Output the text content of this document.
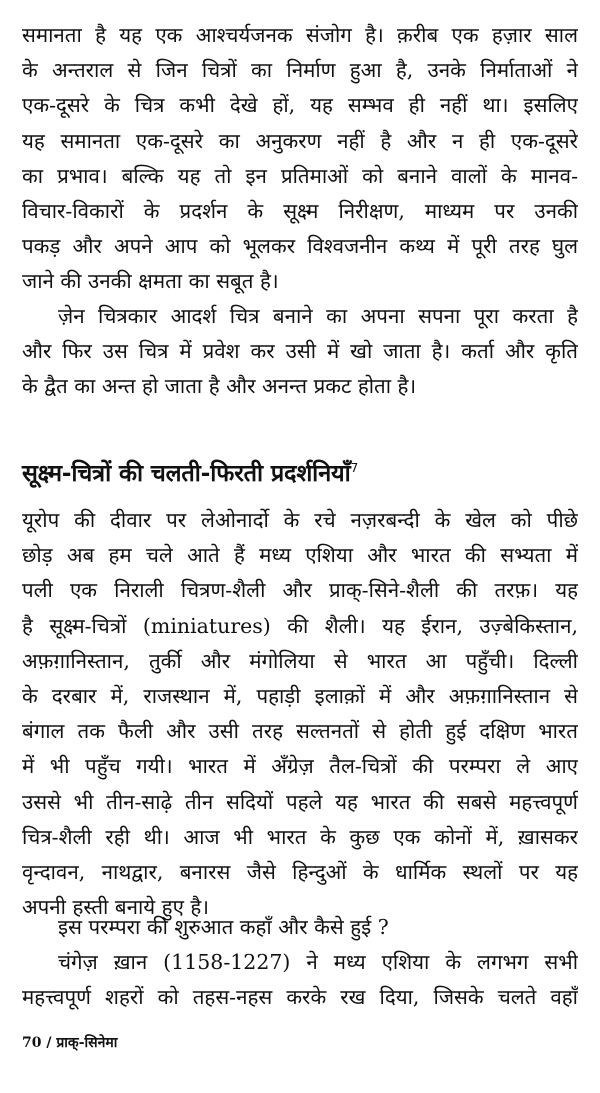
समानता है यह एक आश्चर्यजनक संजोग है। क़रीब एक हज़ार साल
के अन्तराल से जिन चित्रों का निर्माण हुआ है, उनके निर्माताओं ने
एक-दूसरे के चित्र कभी देखे हों, यह सम्भव ही नहीं था। इसलिए
यह समानता एक-दूसरे का अनुकरण नहीं है और न ही एक-दूसरे
का प्रभाव। बल्कि यह तो इन प्रतिमाओं को बनाने वालों के मानव-
विचार-विकारों के प्रदर्शन के सूक्ष्म निरीक्षण, माध्यम पर उनकी
पकड़ और अपने आप को भूलकर विश्वजनीन कथ्य में पूरी तरह घुल
जाने की उनकी क्षमता का सबूत है।
ज़ेन चित्रकार आदर्श चित्र बनाने का अपना सपना पूरा करता है
और फिर उस चित्र में प्रवेश कर उसी में खो जाता है। कर्ता और कृति
के द्वैत का अन्त हो जाता है और अनन्त प्रकट होता है।
सूक्ष्म-चित्रों की चलती-फिरती प्रदर्शनियाँ$^7$
यूरोप की दीवार पर लेओनार्दो के रचे नज़रबन्दी के खेल को पीछे
छोड़ अब हम चले आते हैं मध्य एशिया और भारत की सभ्यता में
पली एक निराली चित्रण-शैली और प्राक्-सिने-शैली की तरफ़। यह
है सूक्ष्म-चित्रों (miniatures) की शैली। यह ईरान, उज़्बेकिस्तान,
अफ़ग़ानिस्तान, तुर्की और मंगोलिया से भारत आ पहुँची। दिल्ली
के दरबार में, राजस्थान में, पहाड़ी इलाक़ों में और अफ़ग़ानिस्तान से
बंगाल तक फैली और उसी तरह सल्तनतों से होती हुई दक्षिण भारत
में भी पहुँच गयी। भारत में अँग्रेज़ तैल-चित्रों की परम्परा ले आए
उससे भी तीन-साढ़े तीन सदियों पहले यह भारत की सबसे महत्त्वपूर्ण
चित्र-शैली रही थी। आज भी भारत के कुछ एक कोनों में, ख़ासकर
वृन्दावन, नाथद्वार, बनारस जैसे हिन्दुओं के धार्मिक स्थलों पर यह
अपनी हस्ती बनाये हुए है।
इस परम्परा की शुरुआत कहाँ और कैसे हुई ?
चंगेज़ ख़ान (1158-1227) ने मध्य एशिया के लगभग सभी
महत्त्वपूर्ण शहरों को तहस-नहस करके रख दिया, जिसके चलते वहाँ
70 / प्राक्-सिनेमा
